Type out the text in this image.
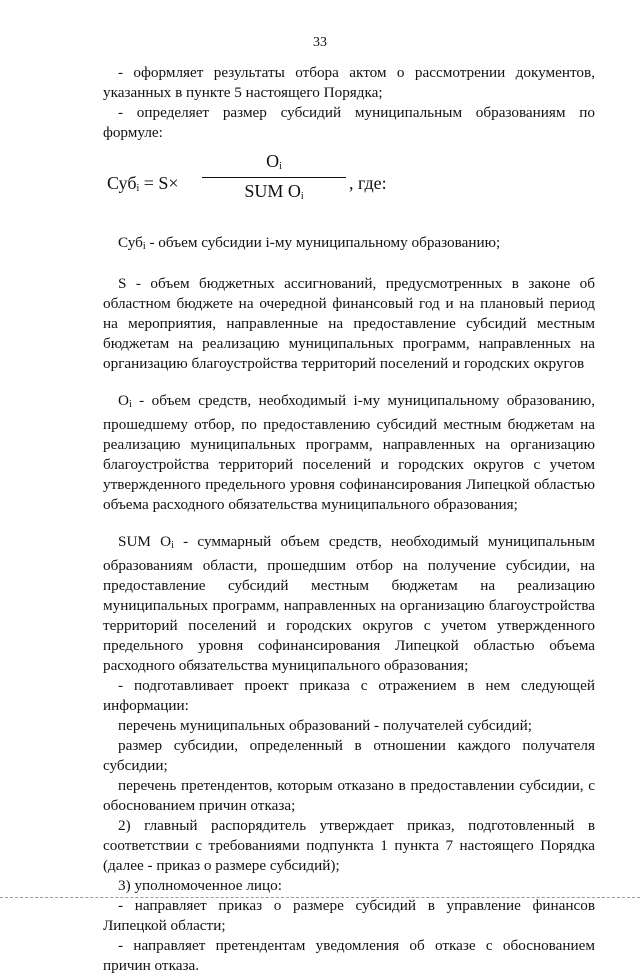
33

- оформляет результаты отбора актом о рассмотрении документов, указанных в пункте 5 настоящего Порядка;

- определяет размер субсидий муниципальным образованиям по формуле:

Суб$_i$ = S×
$O_i$
SUM $O_i$
, где:

Суб$_i$ - объем субсидии i-му муниципальному образованию;

S - объем бюджетных ассигнований, предусмотренных в законе об областном бюджете на очередной финансовый год и на плановый период на мероприятия, направленные на предоставление субсидий местным бюджетам на реализацию муниципальных программ, направленных на организацию благоустройства территорий поселений и городских округов

$O_i$ - объем средств, необходимый i-му муниципальному образованию, прошедшему отбор, по предоставлению субсидий местным бюджетам на реализацию муниципальных программ, направленных на организацию благоустройства территорий поселений и городских округов с учетом утвержденного предельного уровня софинансирования Липецкой областью объема расходного обязательства муниципального образования;

SUM $O_i$ - суммарный объем средств, необходимый муниципальным образованиям области, прошедшим отбор на получение субсидии, на предоставление субсидий местным бюджетам на реализацию муниципальных программ, направленных на организацию благоустройства территорий поселений и городских округов с учетом утвержденного предельного уровня софинансирования Липецкой областью объема расходного обязательства муниципального образования;

- подготавливает проект приказа с отражением в нем следующей информации:

перечень муниципальных образований - получателей субсидий;

размер субсидии, определенный в отношении каждого получателя субсидии;

перечень претендентов, которым отказано в предоставлении субсидии, с обоснованием причин отказа;

2) главный распорядитель утверждает приказ, подготовленный в соответствии с требованиями подпункта 1 пункта 7 настоящего Порядка (далее - приказ о размере субсидий);

3) уполномоченное лицо:

- направляет приказ о размере субсидий в управление финансов Липецкой области;

- направляет претендентам уведомления об отказе с обоснованием причин отказа.
